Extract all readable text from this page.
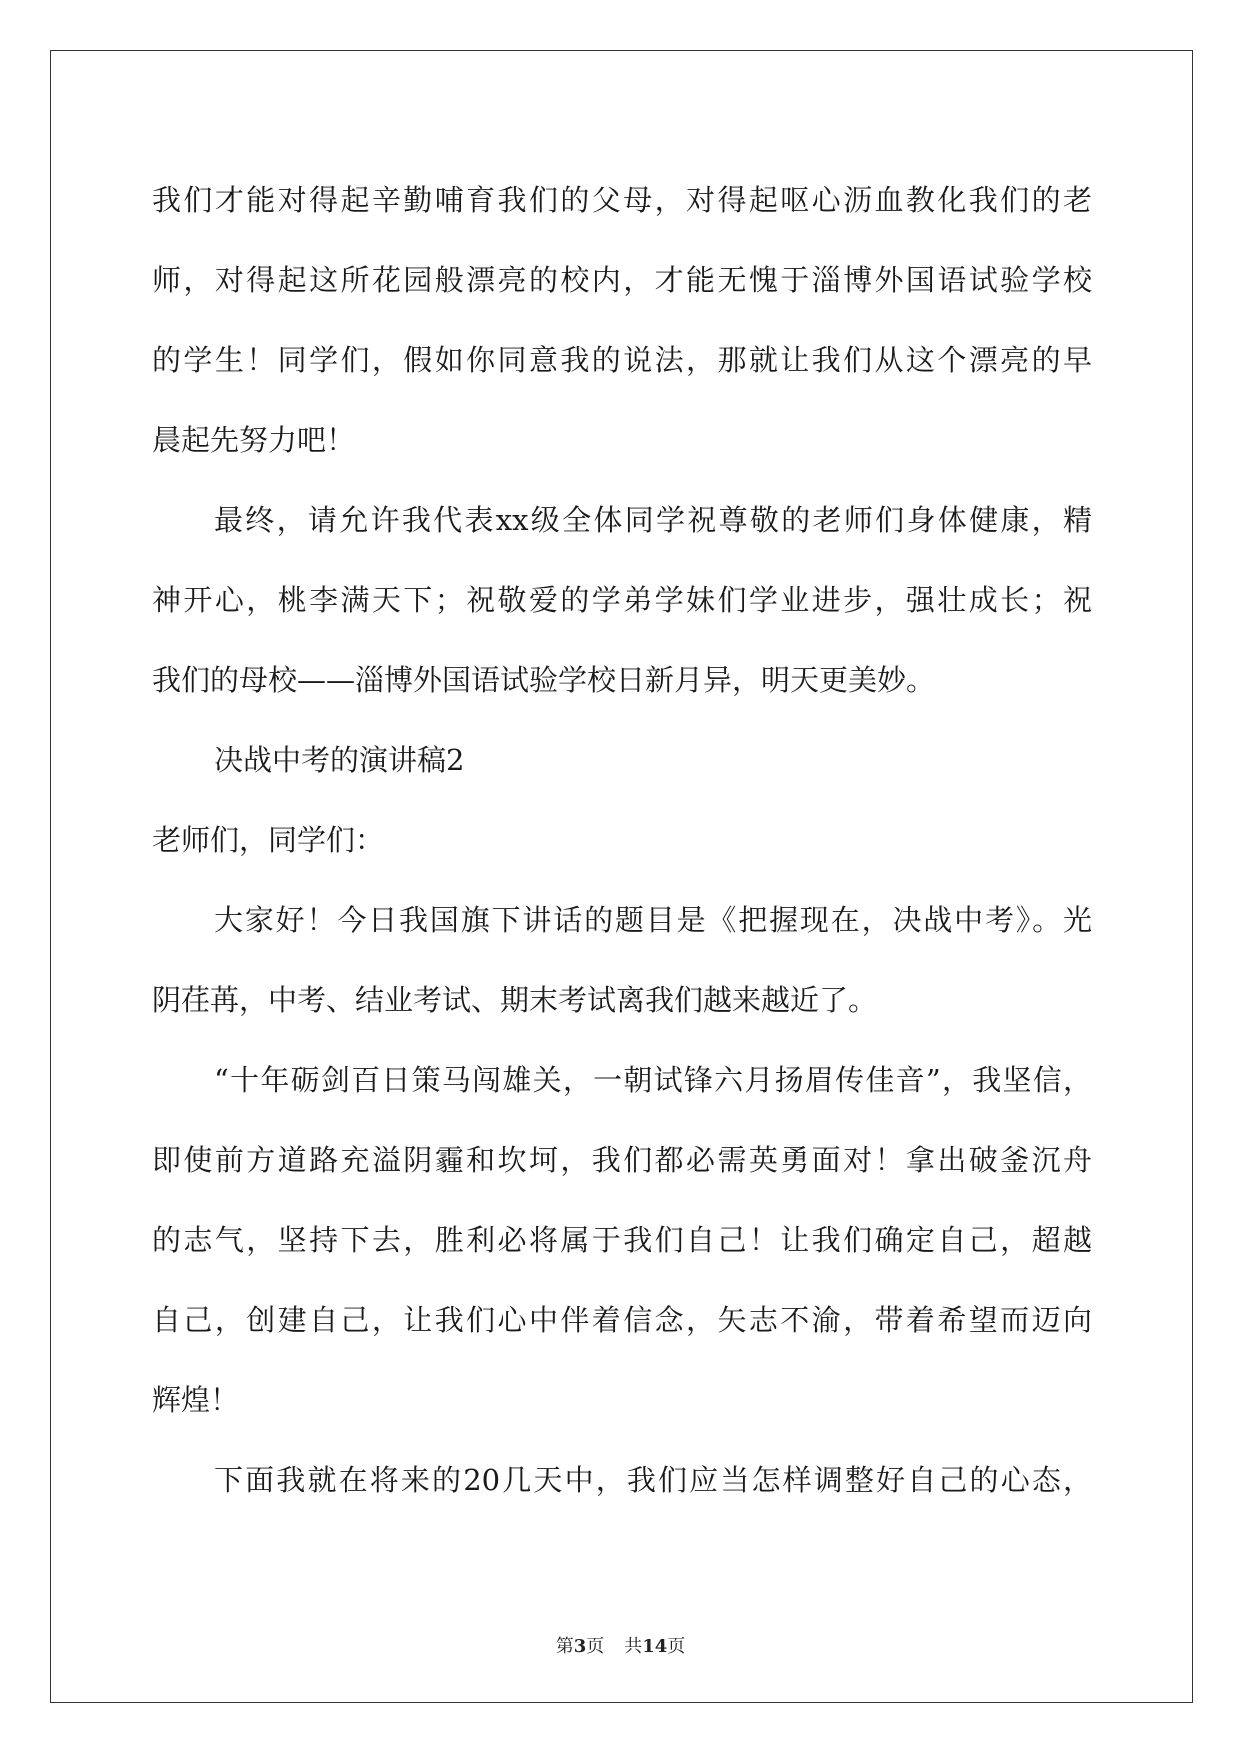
我们才能对得起辛勤哺育我们的父母，对得起呕心沥血教化我们的老
师，对得起这所花园般漂亮的校内，才能无愧于淄博外国语试验学校
的学生！同学们，假如你同意我的说法，那就让我们从这个漂亮的早
晨起先努力吧！
最终，请允许我代表xx级全体同学祝尊敬的老师们身体健康，精
神开心，桃李满天下；祝敬爱的学弟学妹们学业进步，强壮成长；祝
我们的母校——淄博外国语试验学校日新月异，明天更美妙。
决战中考的演讲稿2
老师们，同学们：
大家好！今日我国旗下讲话的题目是《把握现在，决战中考》。光
阴荏苒，中考、结业考试、期末考试离我们越来越近了。
“十年砺剑百日策马闯雄关，一朝试锋六月扬眉传佳音”，我坚信，
即使前方道路充溢阴霾和坎坷，我们都必需英勇面对！拿出破釜沉舟
的志气，坚持下去，胜利必将属于我们自己！让我们确定自己，超越
自己，创建自己，让我们心中伴着信念，矢志不渝，带着希望而迈向
辉煌！
下面我就在将来的20几天中，我们应当怎样调整好自己的心态，
第3页 共14页
